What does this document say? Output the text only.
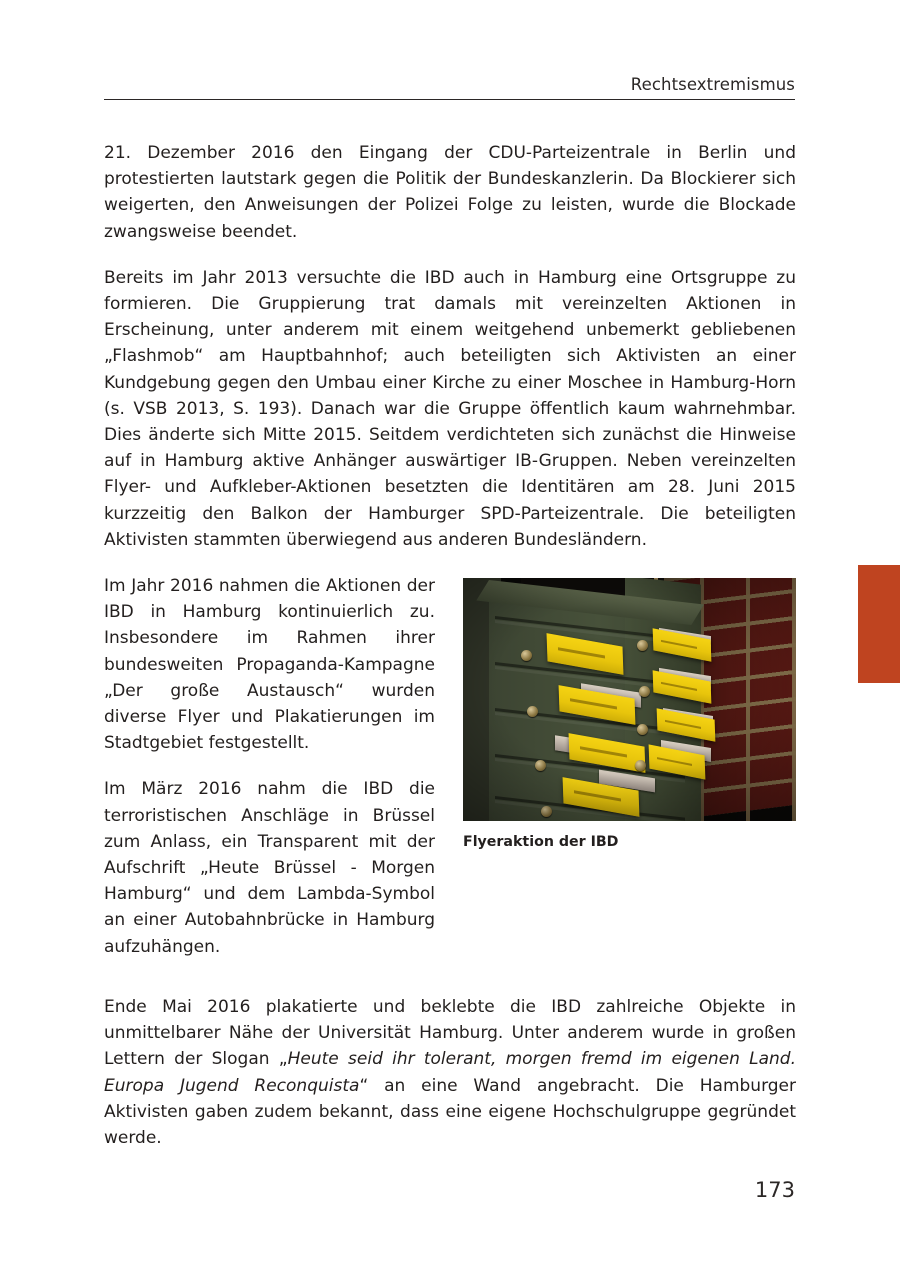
Rechtsextremismus

21. Dezember 2016 den Eingang der CDU-Parteizentrale in Berlin und protestierten lautstark gegen die Politik der Bundeskanzlerin. Da Blockierer sich weigerten, den Anweisungen der Polizei Folge zu leisten, wurde die Blockade zwangsweise beendet.

Bereits im Jahr 2013 versuchte die IBD auch in Hamburg eine Ortsgruppe zu formieren. Die Gruppierung trat damals mit vereinzelten Aktionen in Erscheinung, unter anderem mit einem weitgehend unbemerkt gebliebenen „Flashmob“ am Hauptbahnhof; auch beteiligten sich Aktivisten an einer Kundgebung gegen den Umbau einer Kirche zu einer Moschee in Hamburg-Horn (s. VSB 2013, S. 193). Danach war die Gruppe öffentlich kaum wahrnehmbar. Dies änderte sich Mitte 2015. Seitdem verdichteten sich zunächst die Hinweise auf in Hamburg aktive Anhänger auswärtiger IB-Gruppen. Neben vereinzelten Flyer- und Aufkleber-Aktionen besetzten die Identitären am 28. Juni 2015 kurzzeitig den Balkon der Hamburger SPD-Parteizentrale. Die beteiligten Aktivisten stammten überwiegend aus anderen Bundesländern.

Flyeraktion der IBD

Im Jahr 2016 nahmen die Aktionen der IBD in Hamburg kontinuierlich zu. Insbesondere im Rahmen ihrer bundesweiten Propaganda-Kampagne „Der große Austausch“ wurden diverse Flyer und Plakatierungen im Stadtgebiet festgestellt.

Im März 2016 nahm die IBD die terroristischen Anschläge in Brüssel zum Anlass, ein Transparent mit der Aufschrift „Heute Brüssel - Morgen Hamburg“ und dem Lambda-Symbol an einer Autobahnbrücke in Hamburg aufzuhängen.

Ende Mai 2016 plakatierte und beklebte die IBD zahlreiche Objekte in unmittelbarer Nähe der Universität Hamburg. Unter anderem wurde in großen Lettern der Slogan „Heute seid ihr tolerant, morgen fremd im eigenen Land. Europa Jugend Reconquista“ an eine Wand angebracht. Die Hamburger Aktivisten gaben zudem bekannt, dass eine eigene Hochschulgruppe gegründet werde.

173
